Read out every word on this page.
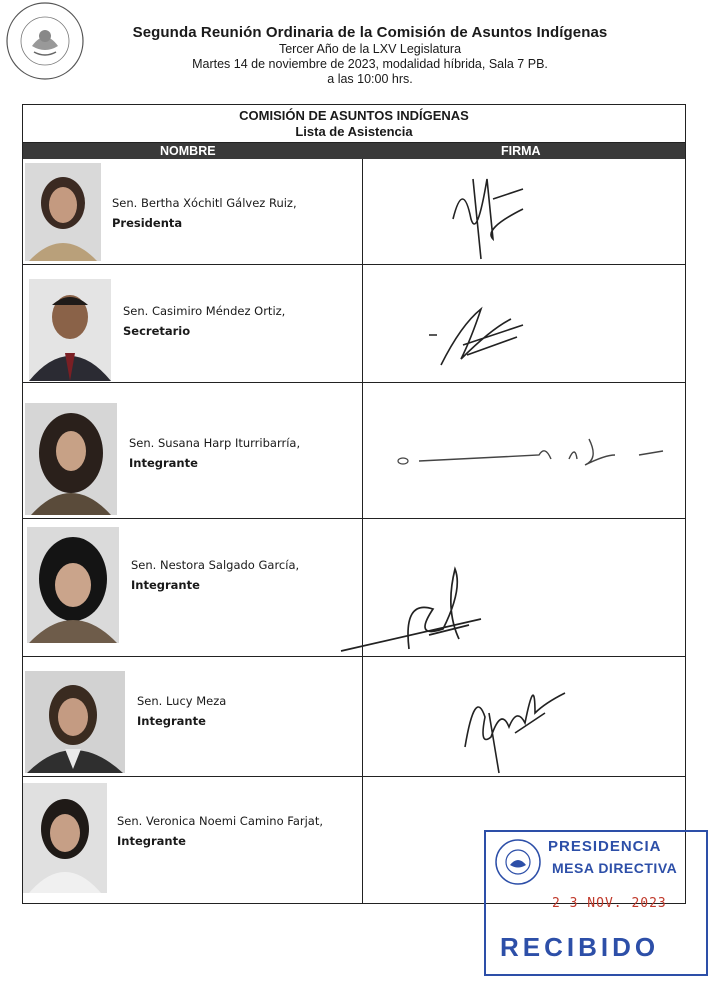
Segunda Reunión Ordinaria de la Comisión de Asuntos Indígenas
Tercer Año de la LXV Legislatura
Martes 14 de noviembre de 2023, modalidad híbrida, Sala 7 PB.
a las 10:00 hrs.
COMISIÓN DE ASUNTOS INDÍGENAS
Lista de Asistencia
NOMBRE	FIRMA
Sen. Bertha Xóchitl Gálvez Ruiz,
Presidenta
Sen. Casimiro Méndez Ortiz,
Secretario
Sen. Susana Harp Iturribarría,
Integrante
Sen. Nestora Salgado García,
Integrante
Sen. Lucy Meza
Integrante
Sen. Veronica Noemi Camino Farjat,
Integrante	PRESIDENCIA
MESA DIRECTIVA
2 3 NOV. 2023
RECIBIDO
